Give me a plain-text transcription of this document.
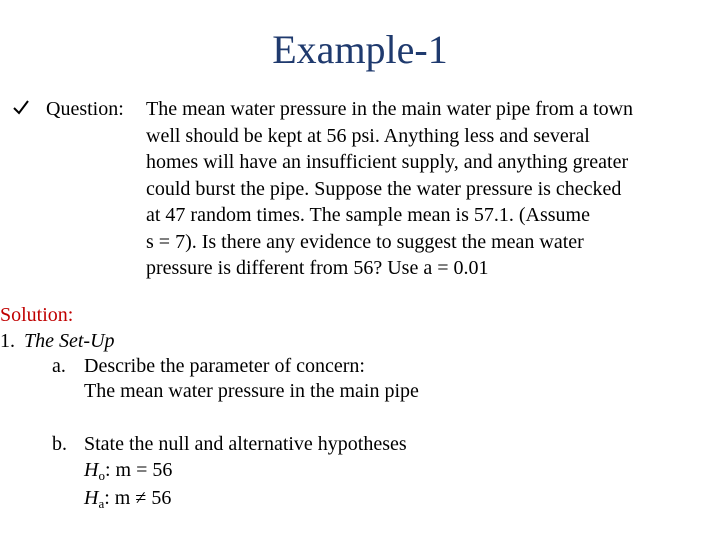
Example-1
Question: The mean water pressure in the main water pipe from a town
well should be kept at 56 psi. Anything less and several
homes will have an insufficient supply, and anything greater
could burst the pipe. Suppose the water pressure is checked
at 47 random times. The sample mean is 57.1. (Assume
s = 7). Is there any evidence to suggest the mean water
pressure is different from 56? Use a = 0.01
Solution:
1. The Set-Up
a. Describe the parameter of concern:
The mean water pressure in the main pipe
b. State the null and alternative hypotheses
$H_o$: m = 56
$H_a$: m ≠ 56
